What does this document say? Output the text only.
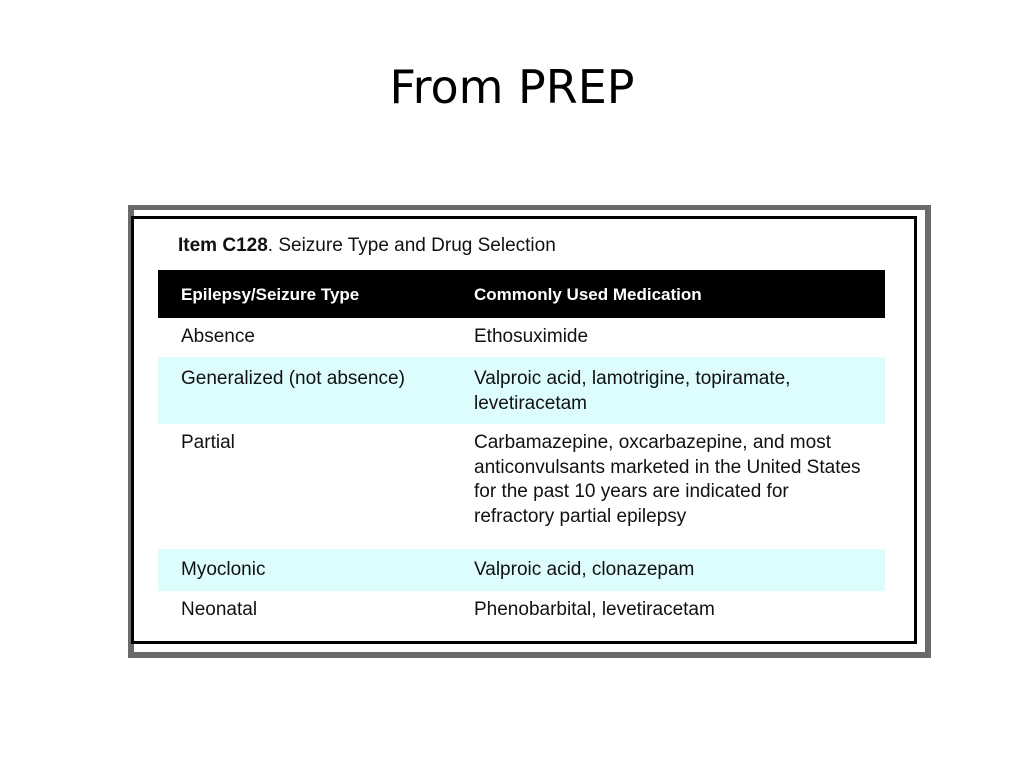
From PREP
Item C128. Seizure Type and Drug Selection
Epilepsy/Seizure Type	Commonly Used Medication
Absence	Ethosuximide
Generalized (not absence)	Valproic acid, lamotrigine, topiramate, levetiracetam
Partial	Carbamazepine, oxcarbazepine, and most anticonvulsants marketed in the United States for the past 10 years are indicated for refractory partial epilepsy
Myoclonic	Valproic acid, clonazepam
Neonatal	Phenobarbital, levetiracetam
